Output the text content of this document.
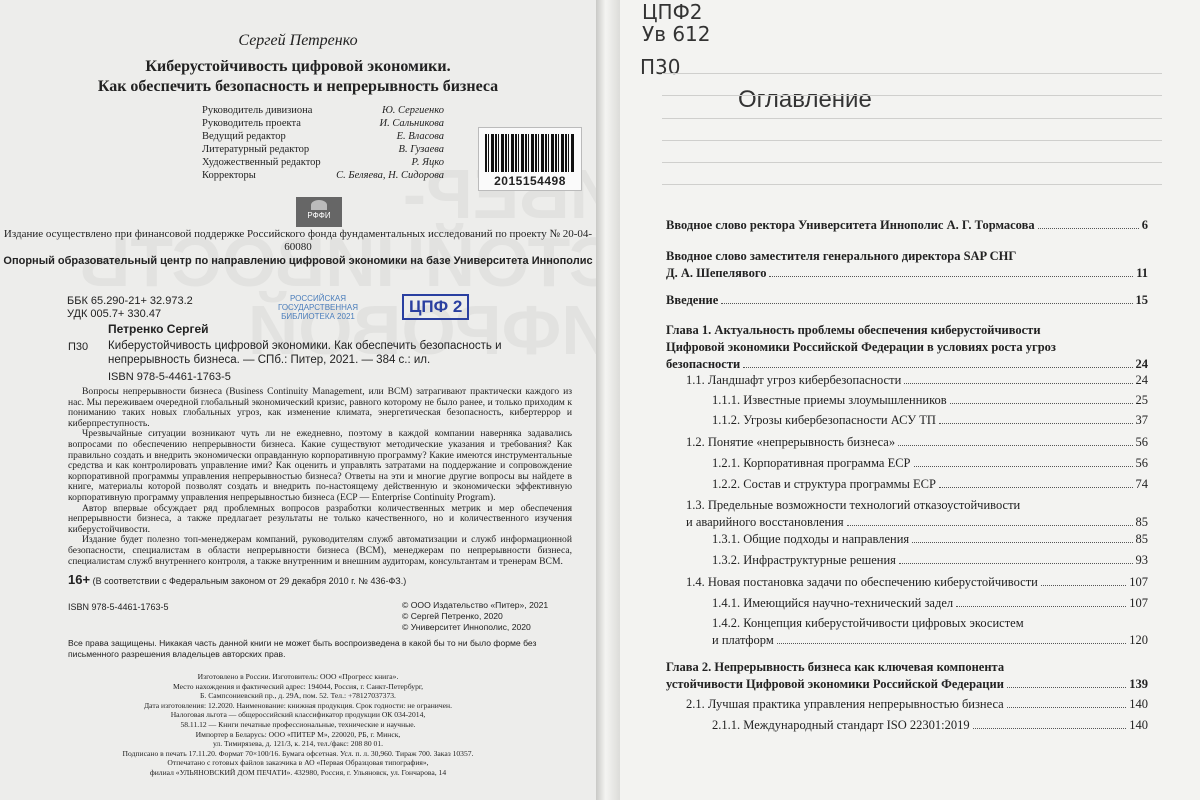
Сергей Петренко
Киберустойчивость цифровой экономики.
Как обеспечить безопасность и непрерывность бизнеса
Руководитель дивизиона	Ю. Сергиенко
Руководитель проекта	И. Сальникова
Ведущий редактор	Е. Власова
Литературный редактор	В. Гузаева
Художественный редактор	Р. Яцко
Корректоры	С. Беляева, Н. Сидорова	2015154498
РФФИ
Издание осуществлено при финансовой поддержке Российского фонда фундаментальных исследований по проекту № 20-04-60080
Опорный образовательный центр по направлению цифровой экономики на базе Университета Иннополис
ББК 65.290-21+ 32.973.2
УДК 005.7+ 330.47
РОССИЙСКАЯ ГОСУДАРСТВЕННАЯ БИБЛИОТЕКА 2021
ЦПФ 2
Петренко Сергей
П30 Киберустойчивость цифровой экономики. Как обеспечить безопасность и непрерывность бизнеса. — СПб.: Питер, 2021. — 384 с.: ил.
ISBN 978-5-4461-1763-5

Вопросы непрерывности бизнеса (Business Continuity Management, или BCM) затрагивают практически каждого из нас. Мы переживаем очередной глобальный экономический кризис, равного которому не было ранее, и только приходим к пониманию таких новых глобальных угроз, как изменение климата, энергетическая безопасность, кибертеррор и киберпреступность.

Чрезвычайные ситуации возникают чуть ли не ежедневно, поэтому в каждой компании наверняка задавались вопросами по обеспечению непрерывности бизнеса. Какие существуют методические указания и требования? Как правильно создать и внедрить экономически оправданную корпоративную программу? Какие имеются инструментальные средства и как контролировать управление ими? Как оценить и управлять затратами на поддержание и сопровождение корпоративной программы управления непрерывностью бизнеса? Ответы на эти и многие другие вопросы вы найдете в книге, материалы которой позволят создать и внедрить по-настоящему действенную и экономически эффективную корпоративную программу управления непрерывностью бизнеса (ECP — Enterprise Continuity Program).

Автор впервые обсуждает ряд проблемных вопросов разработки количественных метрик и мер обеспечения непрерывности бизнеса, а также предлагает результаты не только качественного, но и количественного изучения киберустойчивости.

Издание будет полезно топ-менеджерам компаний, руководителям служб автоматизации и служб информационной безопасности, специалистам в области непрерывности бизнеса (BCM), менеджерам по непрерывности бизнеса, специалистам служб внутреннего контроля, а также внутренним и внешним аудиторам, консультантам и тренерам BCM.

16+ (В соответствии с Федеральным законом от 29 декабря 2010 г. № 436-ФЗ.)
ISBN 978-5-4461-1763-5	© ООО Издательство «Питер», 2021
© Сергей Петренко, 2020
© Университет Иннополис, 2020
Все права защищены. Никакая часть данной книги не может быть воспроизведена в какой бы то ни было форме без письменного разрешения владельцев авторских прав.
Изготовлено в России. Изготовитель: ООО «Прогресс книга».
Место нахождения и фактический адрес: 194044, Россия, г. Санкт-Петербург,
Б. Сампсониевский пр., д. 29А, пом. 52. Тел.: +78127037373.
Дата изготовления: 12.2020. Наименование: книжная продукция. Срок годности: не ограничен.
Налоговая льгота — общероссийский классификатор продукции ОК 034-2014,
58.11.12 — Книги печатные профессиональные, технические и научные.
Импортер в Беларусь: ООО «ПИТЕР М», 220020, РБ, г. Минск,
ул. Тимирязева, д. 121/3, к. 214, тел./факс: 208 80 01.
Подписано в печать 17.11.20. Формат 70×100/16. Бумага офсетная. Усл. п. л. 30,960. Тираж 700. Заказ 10357.
Отпечатано с готовых файлов заказчика в АО «Первая Образцовая типография»,
филиал «УЛЬЯНОВСКИЙ ДОМ ПЕЧАТИ». 432980, Россия, г. Ульяновск, ул. Гончарова, 14
ЦПФ2
Ув 612
П30
Оглавление
Вводное слово ректора Университета Иннополис А. Г. Тормасова	6
Вводное слово заместителя генерального директора SAP СНГ
Д. А. Шепелявого	11
Введение	15
Глава 1. Актуальность проблемы обеспечения киберустойчивости
Цифровой экономики Российской Федерации в условиях роста угроз
безопасности	24
1.1. Ландшафт угроз кибербезопасности	24
1.1.1. Известные приемы злоумышленников	25
1.1.2. Угрозы кибербезопасности АСУ ТП	37
1.2. Понятие «непрерывность бизнеса»	56
1.2.1. Корпоративная программа ECP	56
1.2.2. Состав и структура программы ECP	74
1.3. Предельные возможности технологий отказоустойчивости
и аварийного восстановления	85
1.3.1. Общие подходы и направления	85
1.3.2. Инфраструктурные решения	93
1.4. Новая постановка задачи по обеспечению киберустойчивости	107
1.4.1. Имеющийся научно-технический задел	107
1.4.2. Концепция киберустойчивости цифровых экосистем
и платформ	120
Глава 2. Непрерывность бизнеса как ключевая компонента
устойчивости Цифровой экономики Российской Федерации	139
2.1. Лучшая практика управления непрерывностью бизнеса	140
2.1.1. Международный стандарт ISO 22301:2019	140
